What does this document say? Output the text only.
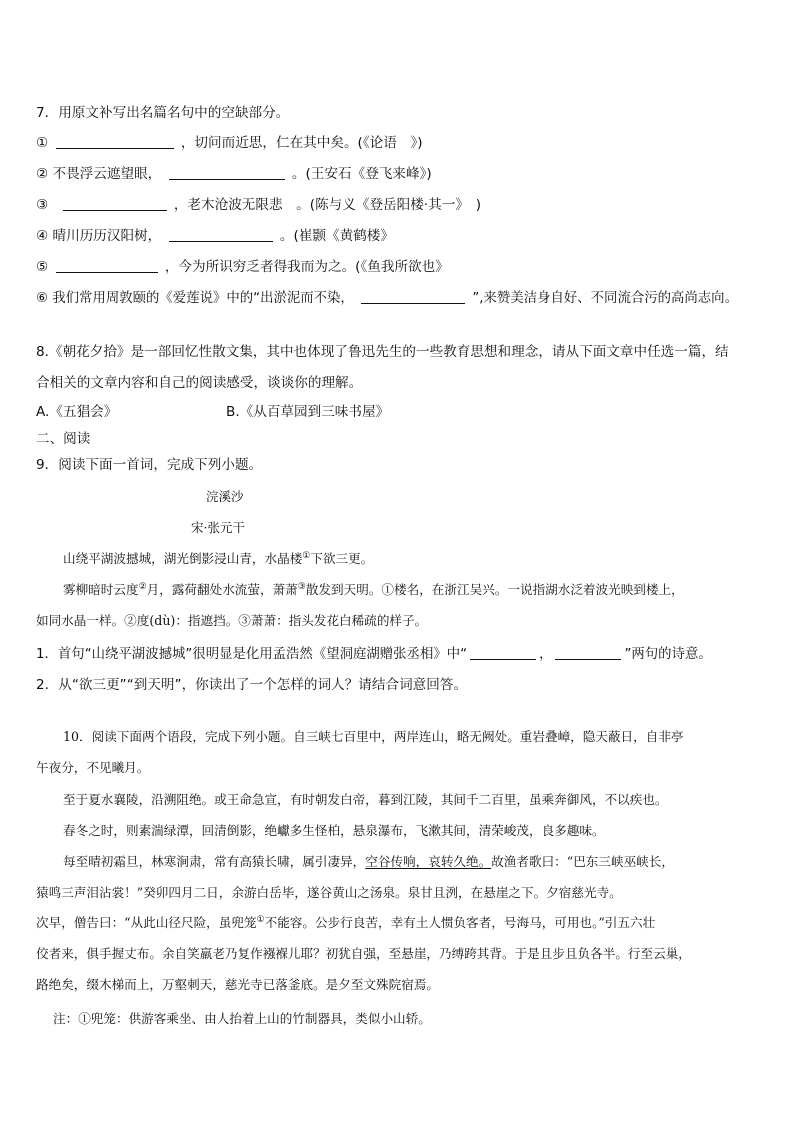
7．用原文补写出名篇名句中的空缺部分。
①	，切问而近思，仁在其中矣。(《论语　》)
② 不畏浮云遮望眼，	。(王安石《登飞来峰》)
③	，老木沧波无限悲　。(陈与义《登岳阳楼·其一》　)
④ 晴川历历汉阳树，	。(崔颢《黄鹤楼》
⑤	，今为所识穷乏者得我而为之。(《鱼我所欲也》
⑥ 我们常用周敦颐的《爱莲说》中的“出淤泥而不染，	”,来赞美洁身自好、不同流合污的高尚志向。
8.《朝花夕拾》是一部回忆性散文集，其中也体现了鲁迅先生的一些教育思想和理念，请从下面文章中任选一篇，结
合相关的文章内容和自己的阅读感受，谈谈你的理解。
A.《五猖会》	B.《从百草园到三味书屋》
二、阅读
9．阅读下面一首词，完成下列小题。
浣溪沙
宋·张元干
山绕平湖波撼城，湖光倒影浸山青，水晶楼①下欲三更。
雾柳暗时云度②月，露荷翻处水流萤，萧萧③散发到天明。①楼名，在浙江吴兴。一说指湖水泛着波光映到楼上，
如同水晶一样。②度(dù)：指遮挡。③萧萧：指头发花白稀疏的样子。
1．首句“山绕平湖波撼城”很明显是化用孟浩然《望洞庭湖赠张丞相》中“	，	”两句的诗意。
2．从“欲三更”“到天明”，你读出了一个怎样的词人？请结合词意回答。
10．阅读下面两个语段，完成下列小题。自三峡七百里中，两岸连山，略无阙处。重岩叠嶂，隐天蔽日，自非亭
午夜分，不见曦月。
至于夏水襄陵，沿溯阻绝。或王命急宣，有时朝发白帝，暮到江陵，其间千二百里，虽乘奔御风，不以疾也。
春冬之时，则素湍绿潭，回清倒影，绝巘多生怪柏，悬泉瀑布，飞漱其间，清荣峻茂，良多趣味。
每至晴初霜旦，林寒涧肃，常有高猿长啸，属引凄异，空谷传响，哀转久绝。故渔者歌曰：“巴东三峡巫峡长，
猿鸣三声泪沾裳！”癸卯四月二日，余游白岳毕，遂谷黄山之汤泉。泉甘且洌，在悬崖之下。夕宿慈光寺。
次早，僧告曰：“从此山径尺险，虽兜笼①不能容。公步行良苦，幸有土人惯负客者，号海马，可用也。”引五六壮
佼者来，俱手握丈布。余自笑羸老乃复作襁褓儿耶？初犹自强，至悬崖，乃缚跨其背。于是且步且负各半。行至云巢，
路绝矣，缀木梯而上，万壑刺天，慈光寺已落釜底。是夕至文殊院宿焉。
注：①兜笼：供游客乘坐、由人抬着上山的竹制器具，类似小山轿。
